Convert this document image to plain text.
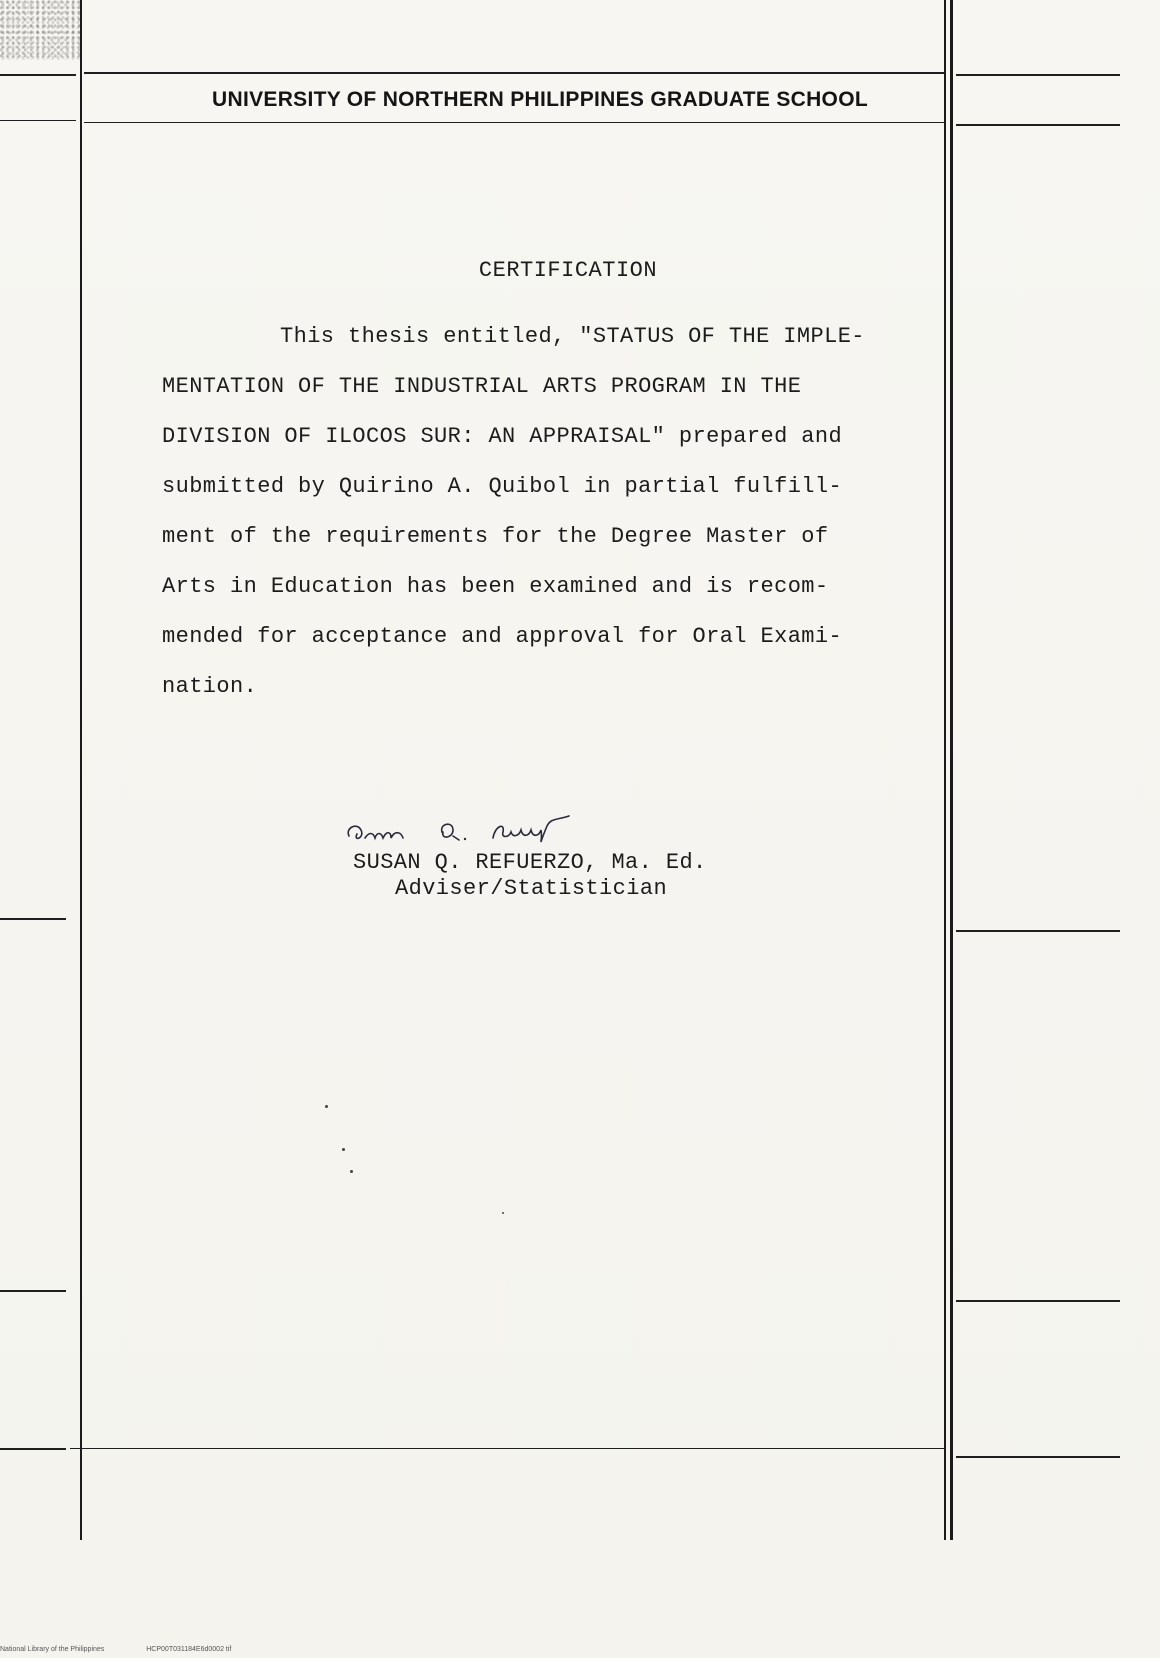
UNIVERSITY OF NORTHERN PHILIPPINES GRADUATE SCHOOL
CERTIFICATION
This thesis entitled, "STATUS OF THE IMPLE-
MENTATION OF THE INDUSTRIAL ARTS PROGRAM IN THE
DIVISION OF ILOCOS SUR: AN APPRAISAL" prepared and
submitted by Quirino A. Quibol in partial fulfill-
ment of the requirements for the Degree Master of
Arts in Education has been examined and is recom-
mended for acceptance and approval for Oral Exami-
nation.
SUSAN Q. REFUERZO, Ma. Ed.
Adviser/Statistician
National Library of the Philippines	HCP00T031184E6d0002 tif
